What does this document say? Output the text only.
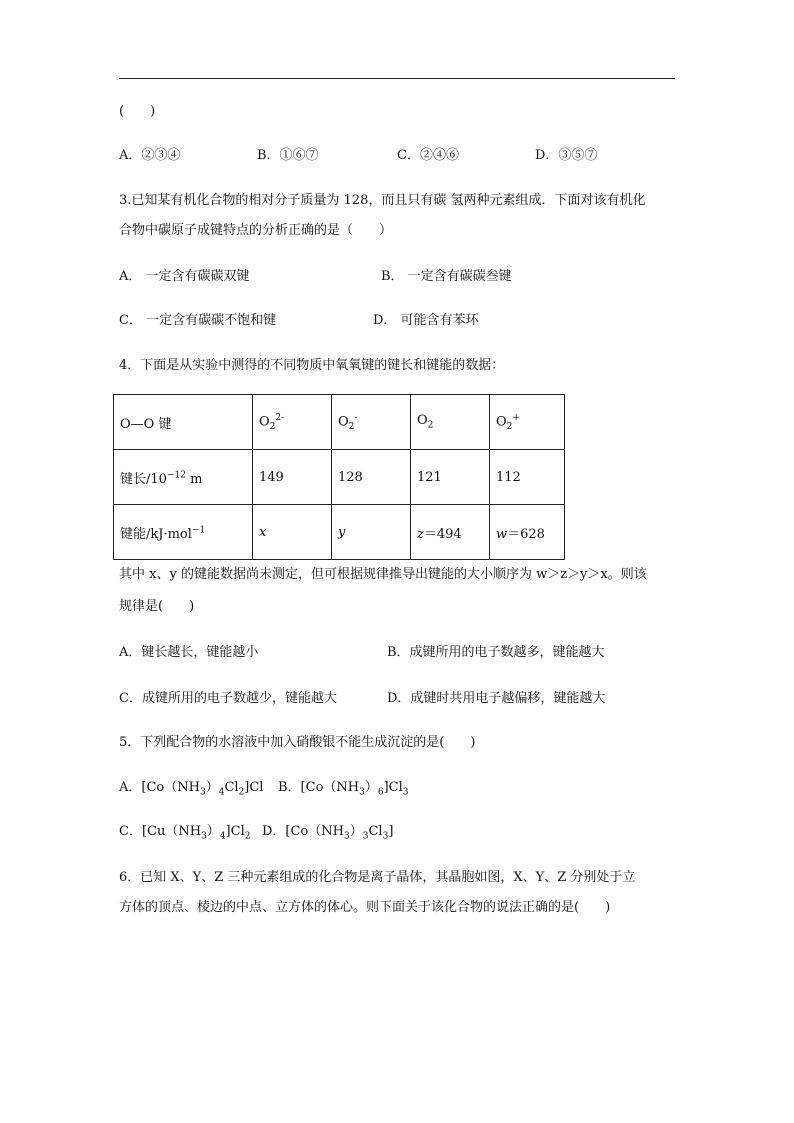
(　　)
A．②③④	B．①⑥⑦	C．②④⑥	D．③⑤⑦
3.已知某有机化合物的相对分子质量为 128，而且只有碳 氢两种元素组成．下面对该有机化
合物中碳原子成键特点的分析正确的是（　　）
A． 一定含有碳碳双键	B． 一定含有碳碳叁键
C． 一定含有碳碳不饱和键	D． 可能含有苯环
4．下面是从实验中测得的不同物质中氧氧键的键长和键能的数据：
O—O 键	$O_2^{2-}$	$O_2^-$	$O_2$	$O_2^+$
键长$/10^{-12}$ m	149	128	121	112
键能/kJ·mol$^{-1}$	x	y	z＝494	w＝628
其中 x、y 的键能数据尚未测定，但可根据规律推导出键能的大小顺序为 w＞z＞y＞x。则该
规律是(　　)
A．键长越长，键能越小	B．成键所用的电子数越多，键能越大
C．成键所用的电子数越少，键能越大	D．成键时共用电子越偏移，键能越大
5．下列配合物的水溶液中加入硝酸银不能生成沉淀的是(　　)
A．$[Co(NH_3)_4Cl_2]Cl$ B．$[Co(NH_3)_6]Cl_3$
C．$[Cu(NH_3)_4]Cl_2$ D．$[Co(NH_3)_3Cl_3]$
6．已知 X、Y、Z 三种元素组成的化合物是离子晶体，其晶胞如图，X、Y、Z 分别处于立
方体的顶点、棱边的中点、立方体的体心。则下面关于该化合物的说法正确的是(　　)
